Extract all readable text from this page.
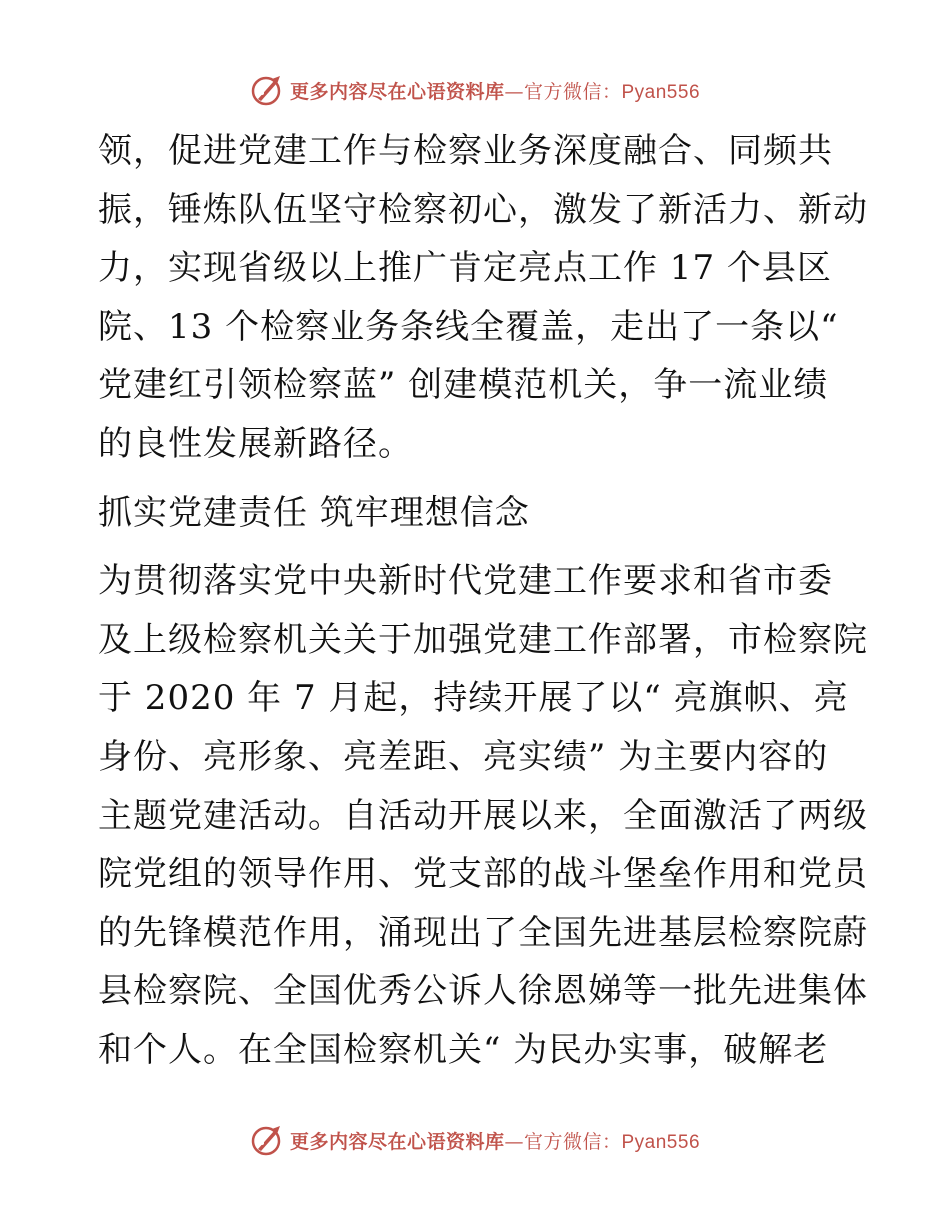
更多内容尽在心语资料库—官方微信：Pyan556
领，促进党建工作与检察业务深度融合、同频共
振，锤炼队伍坚守检察初心，激发了新活力、新动
力，实现省级以上推广肯定亮点工作 17 个县区
院、13 个检察业务条线全覆盖，走出了一条以“
党建红引领检察蓝” 创建模范机关，争一流业绩
的良性发展新路径。
抓实党建责任 筑牢理想信念
为贯彻落实党中央新时代党建工作要求和省市委
及上级检察机关关于加强党建工作部署，市检察院
于 2020 年 7 月起，持续开展了以“ 亮旗帜、亮
身份、亮形象、亮差距、亮实绩” 为主要内容的
主题党建活动。自活动开展以来，全面激活了两级
院党组的领导作用、党支部的战斗堡垒作用和党员
的先锋模范作用，涌现出了全国先进基层检察院蔚
县检察院、全国优秀公诉人徐恩娣等一批先进集体
和个人。在全国检察机关“ 为民办实事，破解老
更多内容尽在心语资料库—官方微信：Pyan556
